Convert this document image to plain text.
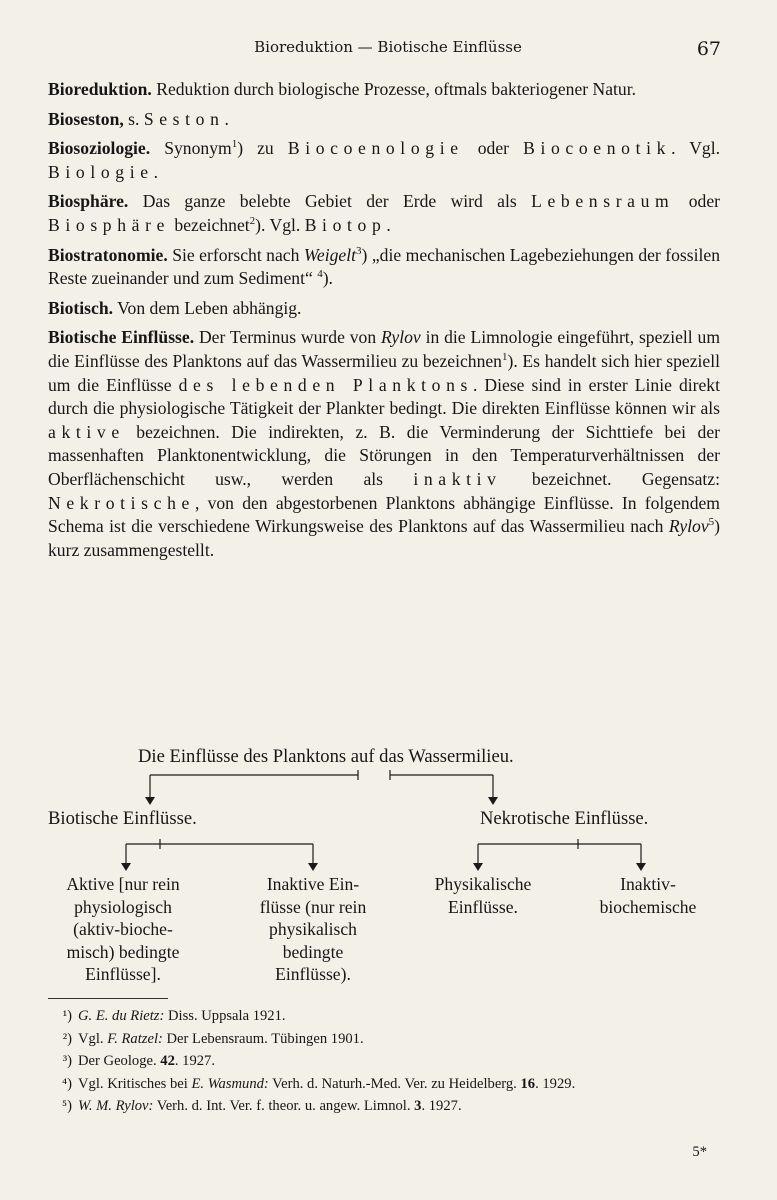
Bioreduktion — Biotische Einflüsse	67

Bioreduktion. Reduktion durch biologische Prozesse, oftmals bakteriogener Natur.

Bioseston, s. Seston.

Biosoziologie. Synonym$^1$) zu Biocoenologie oder Biocoenotik. Vgl. Biologie.

Biosphäre. Das ganze belebte Gebiet der Erde wird als Lebensraum oder Biosphäre bezeichnet$^2$). Vgl. Biotop.

Biostratonomie. Sie erforscht nach Weigelt$^3$) „die mechanischen Lagebeziehungen der fossilen Reste zueinander und zum Sediment“ $^4$).

Biotisch. Von dem Leben abhängig.

Biotische Einflüsse. Der Terminus wurde von Rylov in die Limnologie eingeführt, speziell um die Einflüsse des Planktons auf das Wassermilieu zu bezeichnen$^1$). Es handelt sich hier speziell um die Einflüsse des lebenden Planktons. Diese sind in erster Linie direkt durch die physiologische Tätigkeit der Plankter bedingt. Die direkten Einflüsse können wir als aktive bezeichnen. Die indirekten, z. B. die Verminderung der Sichttiefe bei der massenhaften Planktonentwicklung, die Störungen in den Temperaturverhältnissen der Oberflächenschicht usw., werden als inaktiv bezeichnet. Gegensatz: Nekrotische, von den abgestorbenen Planktons abhängige Einflüsse. In folgendem Schema ist die verschiedene Wirkungsweise des Planktons auf das Wassermilieu nach Rylov$^5$) kurz zusammengestellt.

Die Einflüsse des Planktons auf das Wassermilieu.
Biotische Einflüsse.	Nekrotische Einflüsse.
Aktive [nur rein
physiologisch
(aktiv-bioche-
misch) bedingte
Einflüsse].
Inaktive Ein-
flüsse (nur rein
physikalisch
bedingte
Einflüsse).
Physikalische
Einflüsse.
Inaktiv-
biochemische
¹) G. E. du Rietz: Diss. Uppsala 1921.
²) Vgl. F. Ratzel: Der Lebensraum. Tübingen 1901.
³) Der Geologe. 42. 1927.
⁴) Vgl. Kritisches bei E. Wasmund: Verh. d. Naturh.-Med. Ver. zu Heidelberg. 16. 1929.
⁵) W. M. Rylov: Verh. d. Int. Ver. f. theor. u. angew. Limnol. 3. 1927.
5*
